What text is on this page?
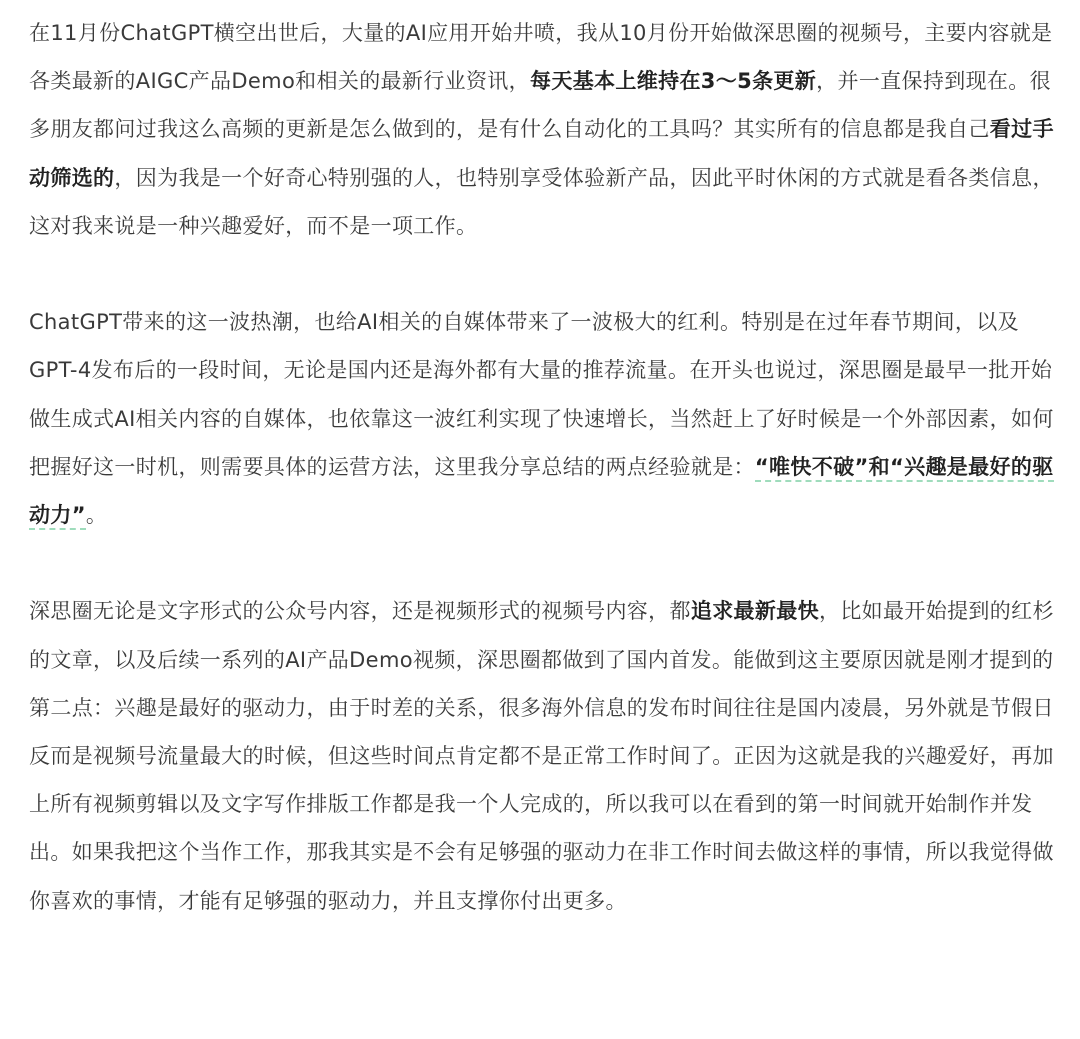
在11月份ChatGPT横空出世后，大量的AI应用开始井喷，我从10月份开始做深思圈的视频号，主要内容就是各类最新的AIGC产品Demo和相关的最新行业资讯，每天基本上维持在3～5条更新，并一直保持到现在。很多朋友都问过我这么高频的更新是怎么做到的，是有什么自动化的工具吗？其实所有的信息都是我自己看过手动筛选的，因为我是一个好奇心特别强的人，也特别享受体验新产品，因此平时休闲的方式就是看各类信息，这对我来说是一种兴趣爱好，而不是一项工作。

ChatGPT带来的这一波热潮，也给AI相关的自媒体带来了一波极大的红利。特别是在过年春节期间，以及GPT-4发布后的一段时间，无论是国内还是海外都有大量的推荐流量。在开头也说过，深思圈是最早一批开始做生成式AI相关内容的自媒体，也依靠这一波红利实现了快速增长，当然赶上了好时候是一个外部因素，如何把握好这一时机，则需要具体的运营方法，这里我分享总结的两点经验就是：“唯快不破”和“兴趣是最好的驱动力”。

深思圈无论是文字形式的公众号内容，还是视频形式的视频号内容，都追求最新最快，比如最开始提到的红杉的文章，以及后续一系列的AI产品Demo视频，深思圈都做到了国内首发。能做到这主要原因就是刚才提到的第二点：兴趣是最好的驱动力，由于时差的关系，很多海外信息的发布时间往往是国内凌晨，另外就是节假日反而是视频号流量最大的时候，但这些时间点肯定都不是正常工作时间了。正因为这就是我的兴趣爱好，再加上所有视频剪辑以及文字写作排版工作都是我一个人完成的，所以我可以在看到的第一时间就开始制作并发出。如果我把这个当作工作，那我其实是不会有足够强的驱动力在非工作时间去做这样的事情，所以我觉得做你喜欢的事情，才能有足够强的驱动力，并且支撑你付出更多。
